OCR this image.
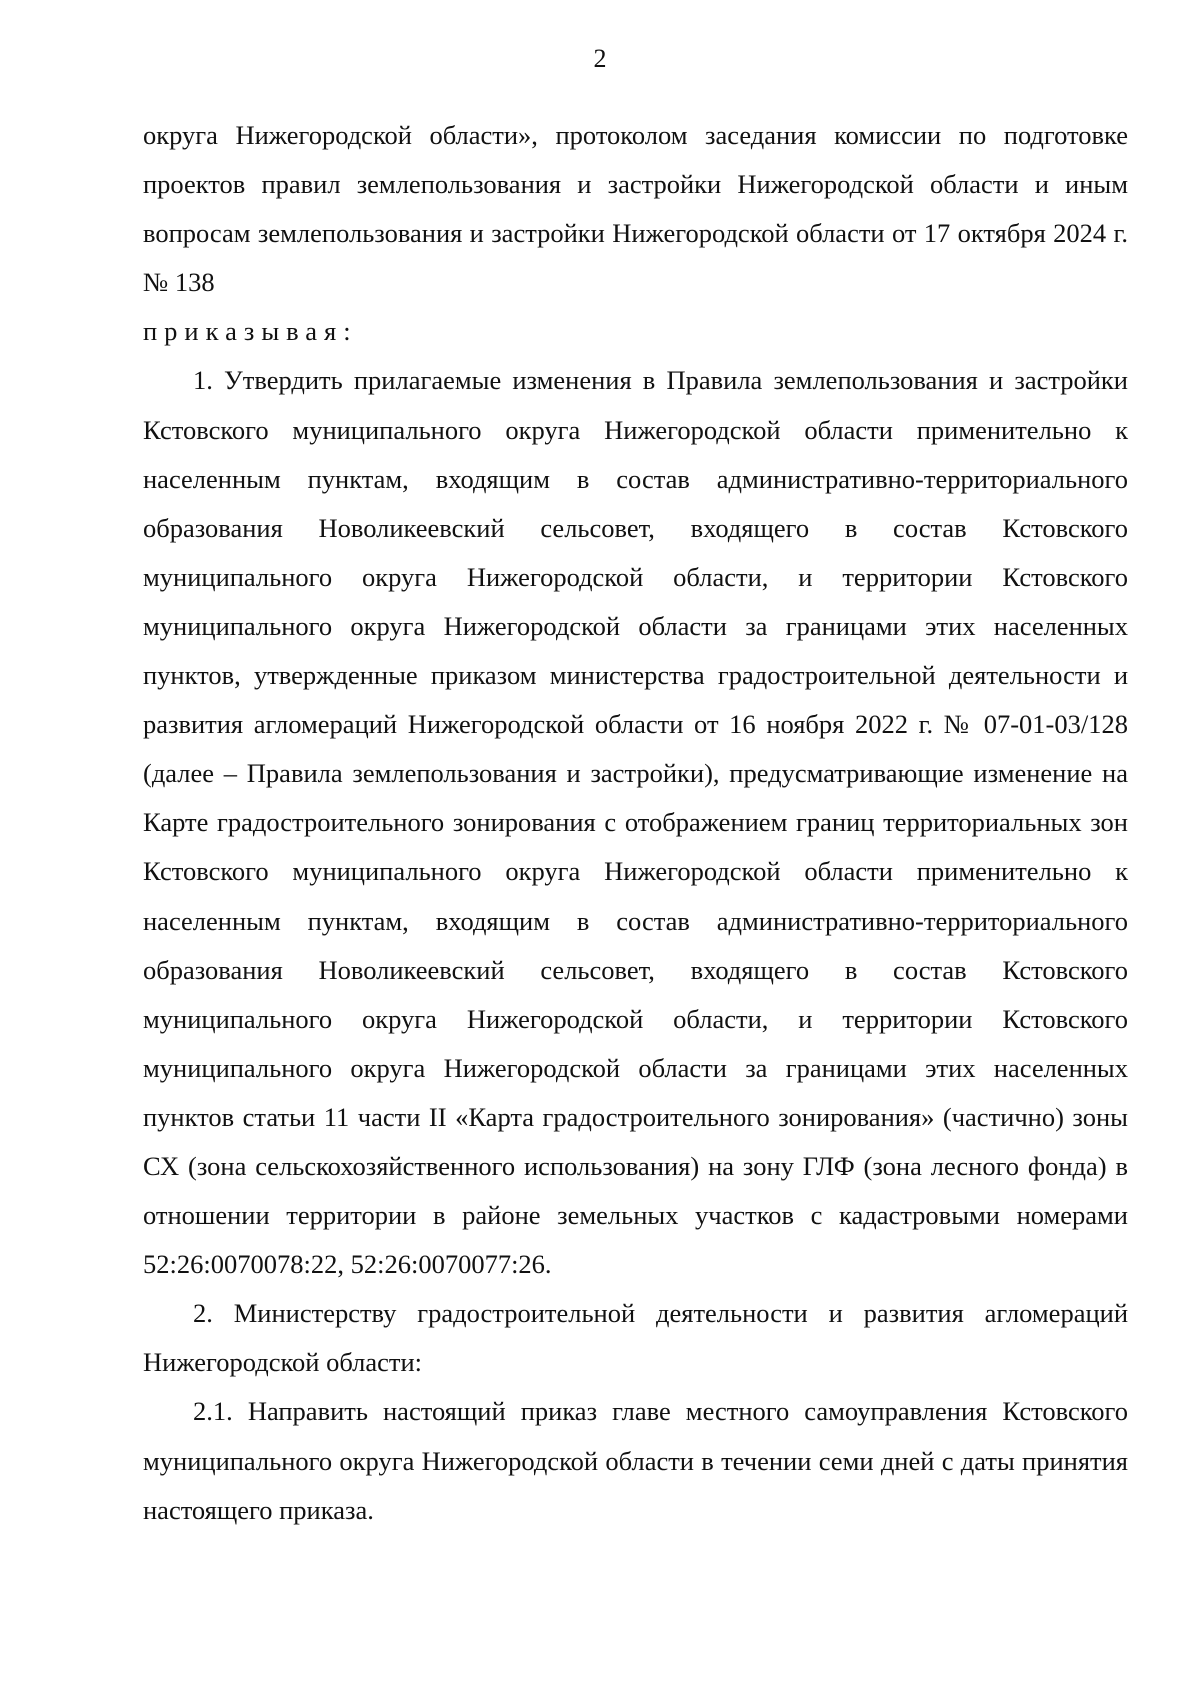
2

округа Нижегородской области», протоколом заседания комиссии по подготовке проектов правил землепользования и застройки Нижегородской области и иным вопросам землепользования и застройки Нижегородской области от 17 октября 2024 г. № 138

приказывая:

1. Утвердить прилагаемые изменения в Правила землепользования и застройки Кстовского муниципального округа Нижегородской области применительно к населенным пунктам, входящим в состав административно-территориального образования Новоликеевский сельсовет, входящего в состав Кстовского муниципального округа Нижегородской области, и территории Кстовского муниципального округа Нижегородской области за границами этих населенных пунктов, утвержденные приказом министерства градостроительной деятельности и развития агломераций Нижегородской области от 16 ноября 2022 г. № 07-01-03/128 (далее – Правила землепользования и застройки), предусматривающие изменение на Карте градостроительного зонирования с отображением границ территориальных зон Кстовского муниципального округа Нижегородской области применительно к населенным пунктам, входящим в состав административно-территориального образования Новоликеевский сельсовет, входящего в состав Кстовского муниципального округа Нижегородской области, и территории Кстовского муниципального округа Нижегородской области за границами этих населенных пунктов статьи 11 части II «Карта градостроительного зонирования» (частично) зоны СХ (зона сельскохозяйственного использования) на зону ГЛФ (зона лесного фонда) в отношении территории в районе земельных участков с кадастровыми номерами 52:26:0070078:22, 52:26:0070077:26.

2. Министерству градостроительной деятельности и развития агломераций Нижегородской области:

2.1. Направить настоящий приказ главе местного самоуправления Кстовского муниципального округа Нижегородской области в течении семи дней с даты принятия настоящего приказа.
